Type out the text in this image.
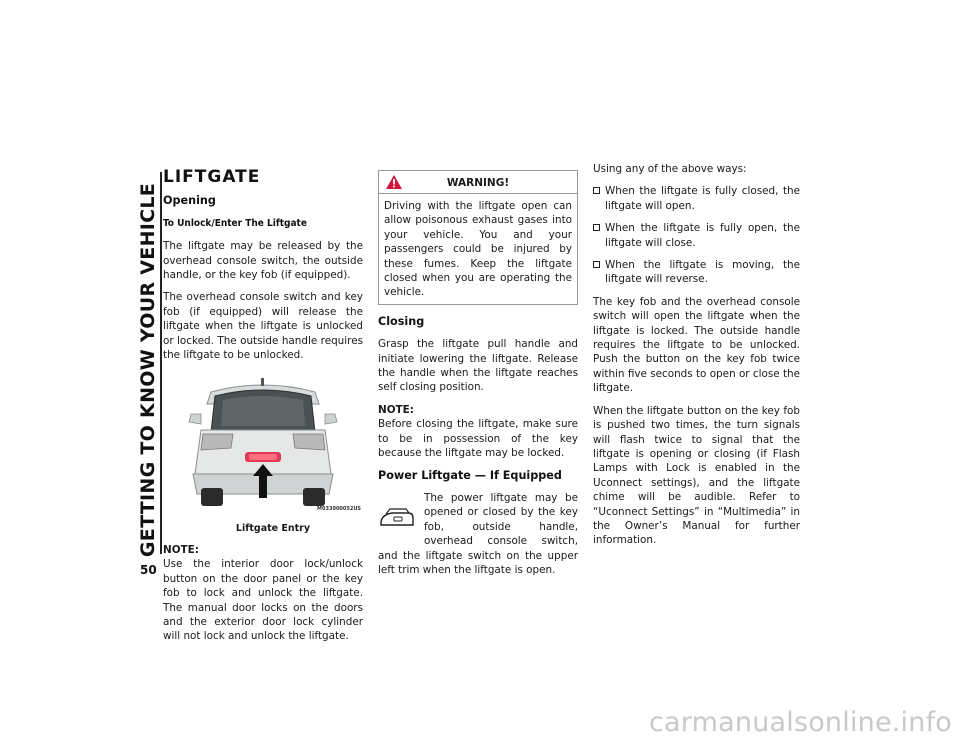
GETTING TO KNOW YOUR VEHICLE
50
LIFTGATE
Opening
To Unlock/Enter The Liftgate

The liftgate may be released by the overhead console switch, the outside handle, or the key fob (if equipped).

The overhead console switch and key fob (if equipped) will release the liftgate when the liftgate is unlocked or locked. The outside handle requires the liftgate to be unlocked.

M033000052US
Liftgate Entry

NOTE:
Use the interior door lock/unlock button on the door panel or the key fob to lock and unlock the liftgate. The manual door locks on the doors and the exterior door lock cylinder will not lock and unlock the liftgate.

WARNING!
Driving with the liftgate open can allow poisonous exhaust gases into your vehicle. You and your passengers could be injured by these fumes. Keep the liftgate closed when you are operating the vehicle.
Closing

Grasp the liftgate pull handle and initiate lowering the liftgate. Release the handle when the liftgate reaches self closing position.

NOTE:
Before closing the liftgate, make sure to be in possession of the key because the liftgate may be locked.

Power Liftgate — If Equipped
The power liftgate may be opened or closed by the key fob, outside handle, overhead console switch, and the liftgate switch on the upper left trim when the liftgate is open.

Using any of the above ways:

When the liftgate is fully closed, the liftgate will open.
When the liftgate is fully open, the liftgate will close.
When the liftgate is moving, the liftgate will reverse.

The key fob and the overhead console switch will open the liftgate when the liftgate is locked. The outside handle requires the liftgate to be unlocked. Push the button on the key fob twice within five seconds to open or close the liftgate.

When the liftgate button on the key fob is pushed two times, the turn signals will flash twice to signal that the liftgate is opening or closing (if Flash Lamps with Lock is enabled in the Uconnect settings), and the liftgate chime will be audible. Refer to “Uconnect Settings” in “Multimedia” in the Owner’s Manual for further information.

carmanualsonline.info
